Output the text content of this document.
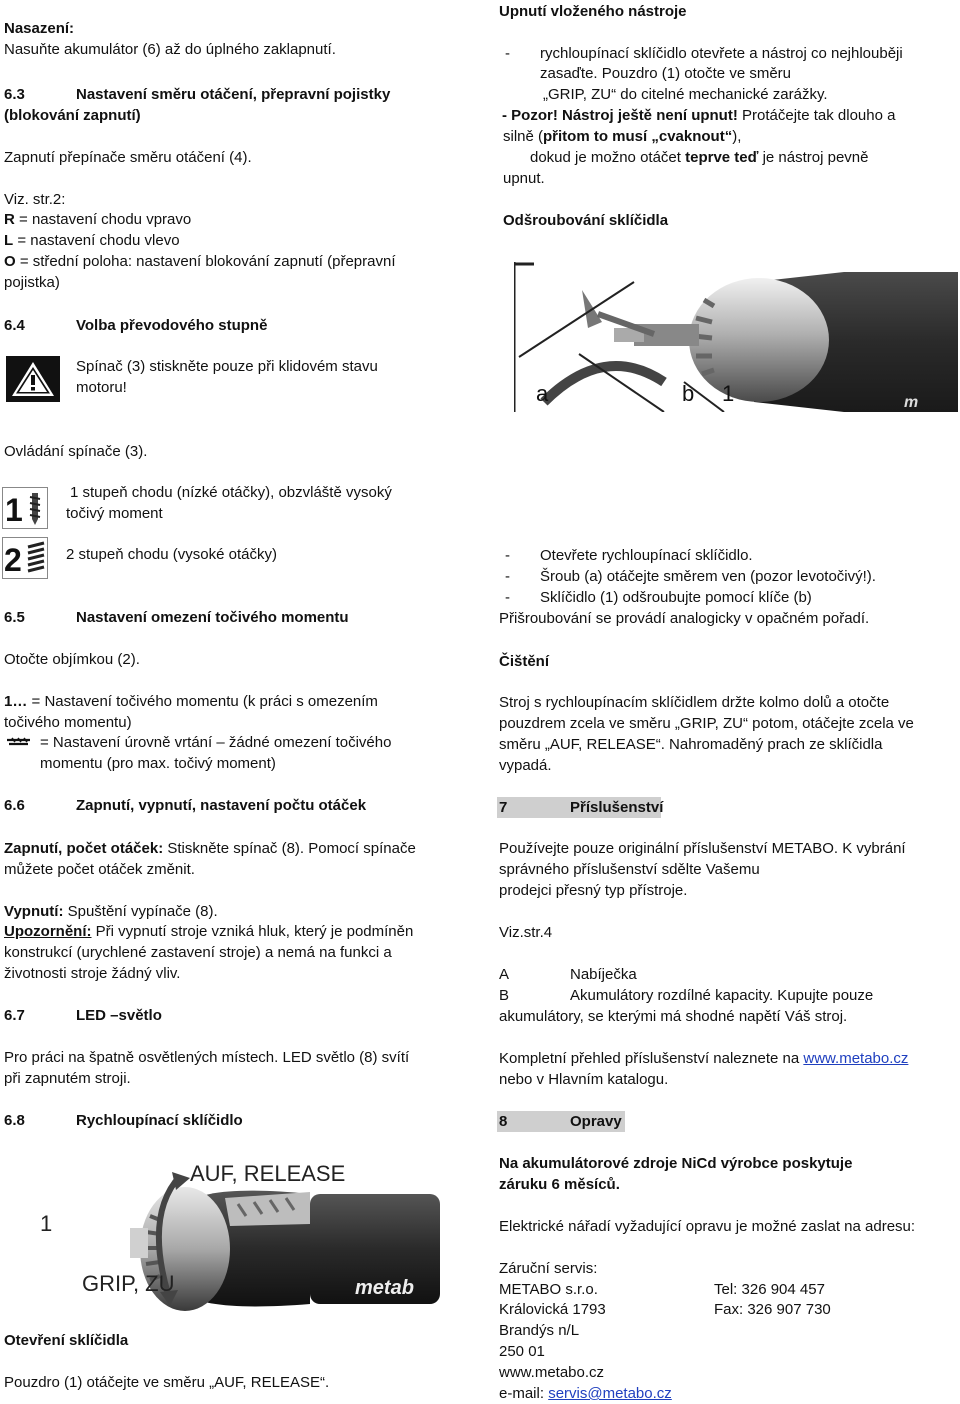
Nasazení:
Nasuňte akumulátor (6) až do úplného zaklapnutí.
6.3	Nastavení směru otáčení, přepravní pojistky
(blokování zapnutí)
Zapnutí přepínače směru otáčení (4).
Viz. str.2:
R = nastavení chodu vpravo
L = nastavení chodu vlevo
O = střední poloha: nastavení blokování zapnutí (přepravní
pojistka)
6.4	Volba převodového stupně
Spínač (3) stiskněte pouze při klidovém stavu
motoru!
Ovládání spínače (3).
1	1 stupeň chodu (nízké otáčky), obzvláště vysoký
točivý moment
2	2 stupeň chodu (vysoké otáčky)
6.5	Nastavení omezení točivého momentu
Otočte objímkou (2).
1… = Nastavení točivého momentu (k práci s omezením
točivého momentu)
= Nastavení úrovně vrtání – žádné omezení točivého
momentu (pro max. točivý moment)
6.6	Zapnutí, vypnutí, nastavení počtu otáček
Zapnutí, počet otáček: Stiskněte spínač (8). Pomocí spínače
můžete počet otáček změnit.
Vypnutí: Spuštění vypínače (8).
Upozornění: Při vypnutí stroje vzniká hluk, který je podmíněn
konstrukcí (urychlené zastavení stroje) a nemá na funkci a
životnosti stroje žádný vliv.
6.7	LED –světlo
Pro práci na špatně osvětlených místech. LED světlo (8) svítí
při zapnutém stroji.
6.8	Rychloupínací sklíčidlo
metab
AUF, RELEASE
1
GRIP, ZU
Otevření sklíčidla
Pouzdro (1) otáčejte ve směru „AUF, RELEASE“.
Upnutí vloženého nástroje
- rychloupínací sklíčidlo otevřete a nástroj co nejhlouběji
zasaďte. Pouzdro (1) otočte ve směru
„GRIP, ZU“ do citelné mechanické zarážky.
- Pozor! Nástroj ještě není upnut! Protáčejte tak dlouho a
silně (přitom to musí „cvaknout“),
dokud je možno otáčet teprve teď je nástroj pevně
upnut.
Odšroubování sklíčidla
m
a	b 1
- Otevřete rychloupínací sklíčidlo.
- Šroub (a) otáčejte směrem ven (pozor levotočivý!).
- Sklíčidlo (1) odšroubujte pomocí klíče (b)
Přišroubování se provádí analogicky v opačném pořadí.
Čištění
Stroj s rychloupínacím sklíčidlem držte kolmo dolů a otočte
pouzdrem zcela ve směru „GRIP, ZU“ potom, otáčejte zcela ve
směru „AUF, RELEASE“. Nahromaděný prach ze sklíčidla
vypadá.
7	Příslušenství
Používejte pouze originální příslušenství METABO. K vybrání
správného příslušenství sdělte Vašemu
prodejci přesný typ přístroje.
Viz.str.4
A	Nabíječka
B	Akumulátory rozdílné kapacity. Kupujte pouze
akumulátory, se kterými má shodné napětí Váš stroj.
Kompletní přehled příslušenství naleznete na www.metabo.cz
nebo v Hlavním katalogu.
8	Opravy
Na akumulátorové zdroje NiCd výrobce poskytuje
záruku 6 měsíců.
Elektrické nářadí vyžadující opravu je možné zaslat na adresu:
Záruční servis:
METABO s.r.o.	Tel: 326 904 457
Královická 1793	Fax: 326 907 730
Brandýs n/L
250 01
www.metabo.cz
e-mail: servis@metabo.cz
